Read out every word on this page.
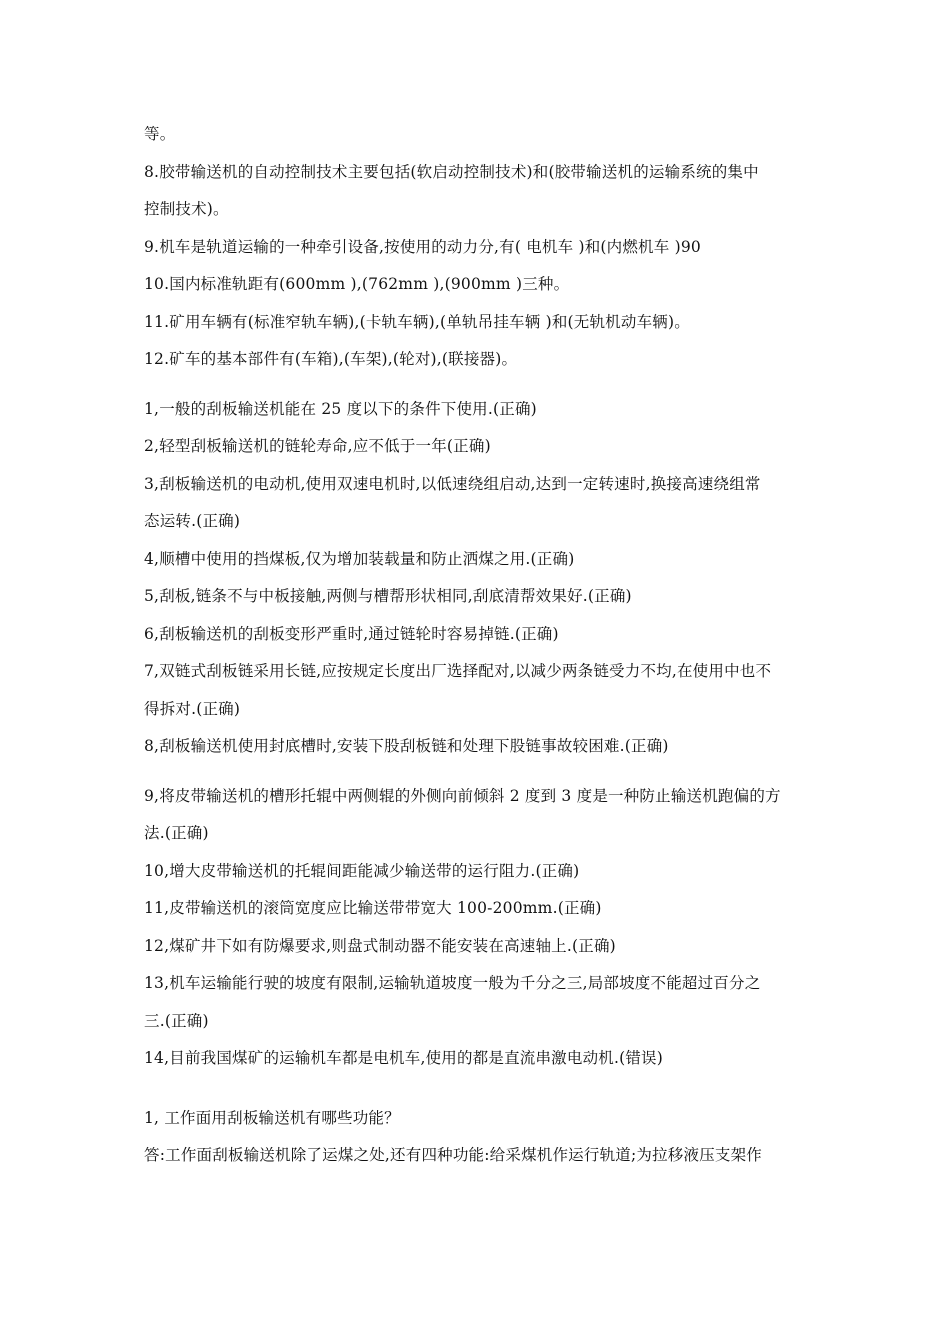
等。
8.胶带输送机的自动控制技术主要包括(软启动控制技术)和(胶带输送机的运输系统的集中
控制技术)。
9.机车是轨道运输的一种牵引设备,按使用的动力分,有( 电机车 )和(内燃机车 )90
10.国内标准轨距有(600mm ),(762mm ),(900mm )三种。
11.矿用车辆有(标准窄轨车辆),(卡轨车辆),(单轨吊挂车辆 )和(无轨机动车辆)。
12.矿车的基本部件有(车箱),(车架),(轮对),(联接器)。
1,一般的刮板输送机能在 25 度以下的条件下使用.(正确)
2,轻型刮板输送机的链轮寿命,应不低于一年(正确)
3,刮板输送机的电动机,使用双速电机时,以低速绕组启动,达到一定转速时,换接高速绕组常
态运转.(正确)
4,顺槽中使用的挡煤板,仅为增加装载量和防止洒煤之用.(正确)
5,刮板,链条不与中板接触,两侧与槽帮形状相同,刮底清帮效果好.(正确)
6,刮板输送机的刮板变形严重时,通过链轮时容易掉链.(正确)
7,双链式刮板链采用长链,应按规定长度出厂选择配对,以减少两条链受力不均,在使用中也不
得拆对.(正确)
8,刮板输送机使用封底槽时,安装下股刮板链和处理下股链事故较困难.(正确)
9,将皮带输送机的槽形托辊中两侧辊的外侧向前倾斜 2 度到 3 度是一种防止输送机跑偏的方
法.(正确)
10,增大皮带输送机的托辊间距能减少输送带的运行阻力.(正确)
11,皮带输送机的滚筒宽度应比输送带带宽大 100-200mm.(正确)
12,煤矿井下如有防爆要求,则盘式制动器不能安装在高速轴上.(正确)
13,机车运输能行驶的坡度有限制,运输轨道坡度一般为千分之三,局部坡度不能超过百分之
三.(正确)
14,目前我国煤矿的运输机车都是电机车,使用的都是直流串激电动机.(错误)
1, 工作面用刮板输送机有哪些功能？
答:工作面刮板输送机除了运煤之处,还有四种功能:给采煤机作运行轨道;为拉移液压支架作
